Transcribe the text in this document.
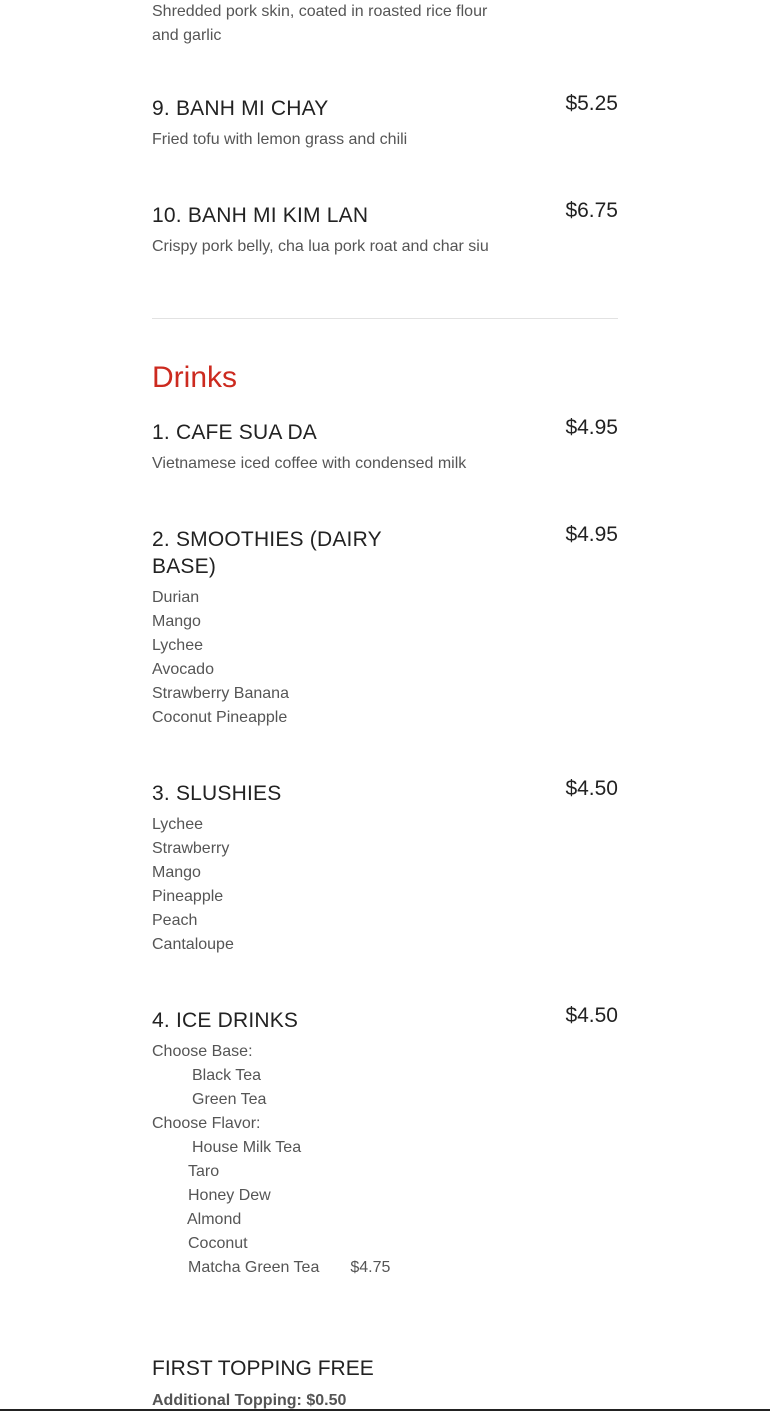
Shredded pork skin, coated in roasted rice flour
and garlic
9. BANH MI CHAY	$5.25
Fried tofu with lemon grass and chili
10. BANH MI KIM LAN	$6.75
Crispy pork belly, cha lua pork roat and char siu
Drinks
1. CAFE SUA DA	$4.95
Vietnamese iced coffee with condensed milk
2. SMOOTHIES (DAIRY BASE)
$4.95
Durian
Mango
Lychee
Avocado
Strawberry Banana
Coconut Pineapple
3. SLUSHIES	$4.50
Lychee
Strawberry
Mango
Pineapple
Peach
Cantaloupe
4. ICE DRINKS	$4.50
Choose Base:
Black Tea
Green Tea
Choose Flavor:
House Milk Tea
Taro
Honey Dew
Almond
Coconut
Matcha Green Tea $4.75
FIRST TOPPING FREE
Additional Topping: $0.50
